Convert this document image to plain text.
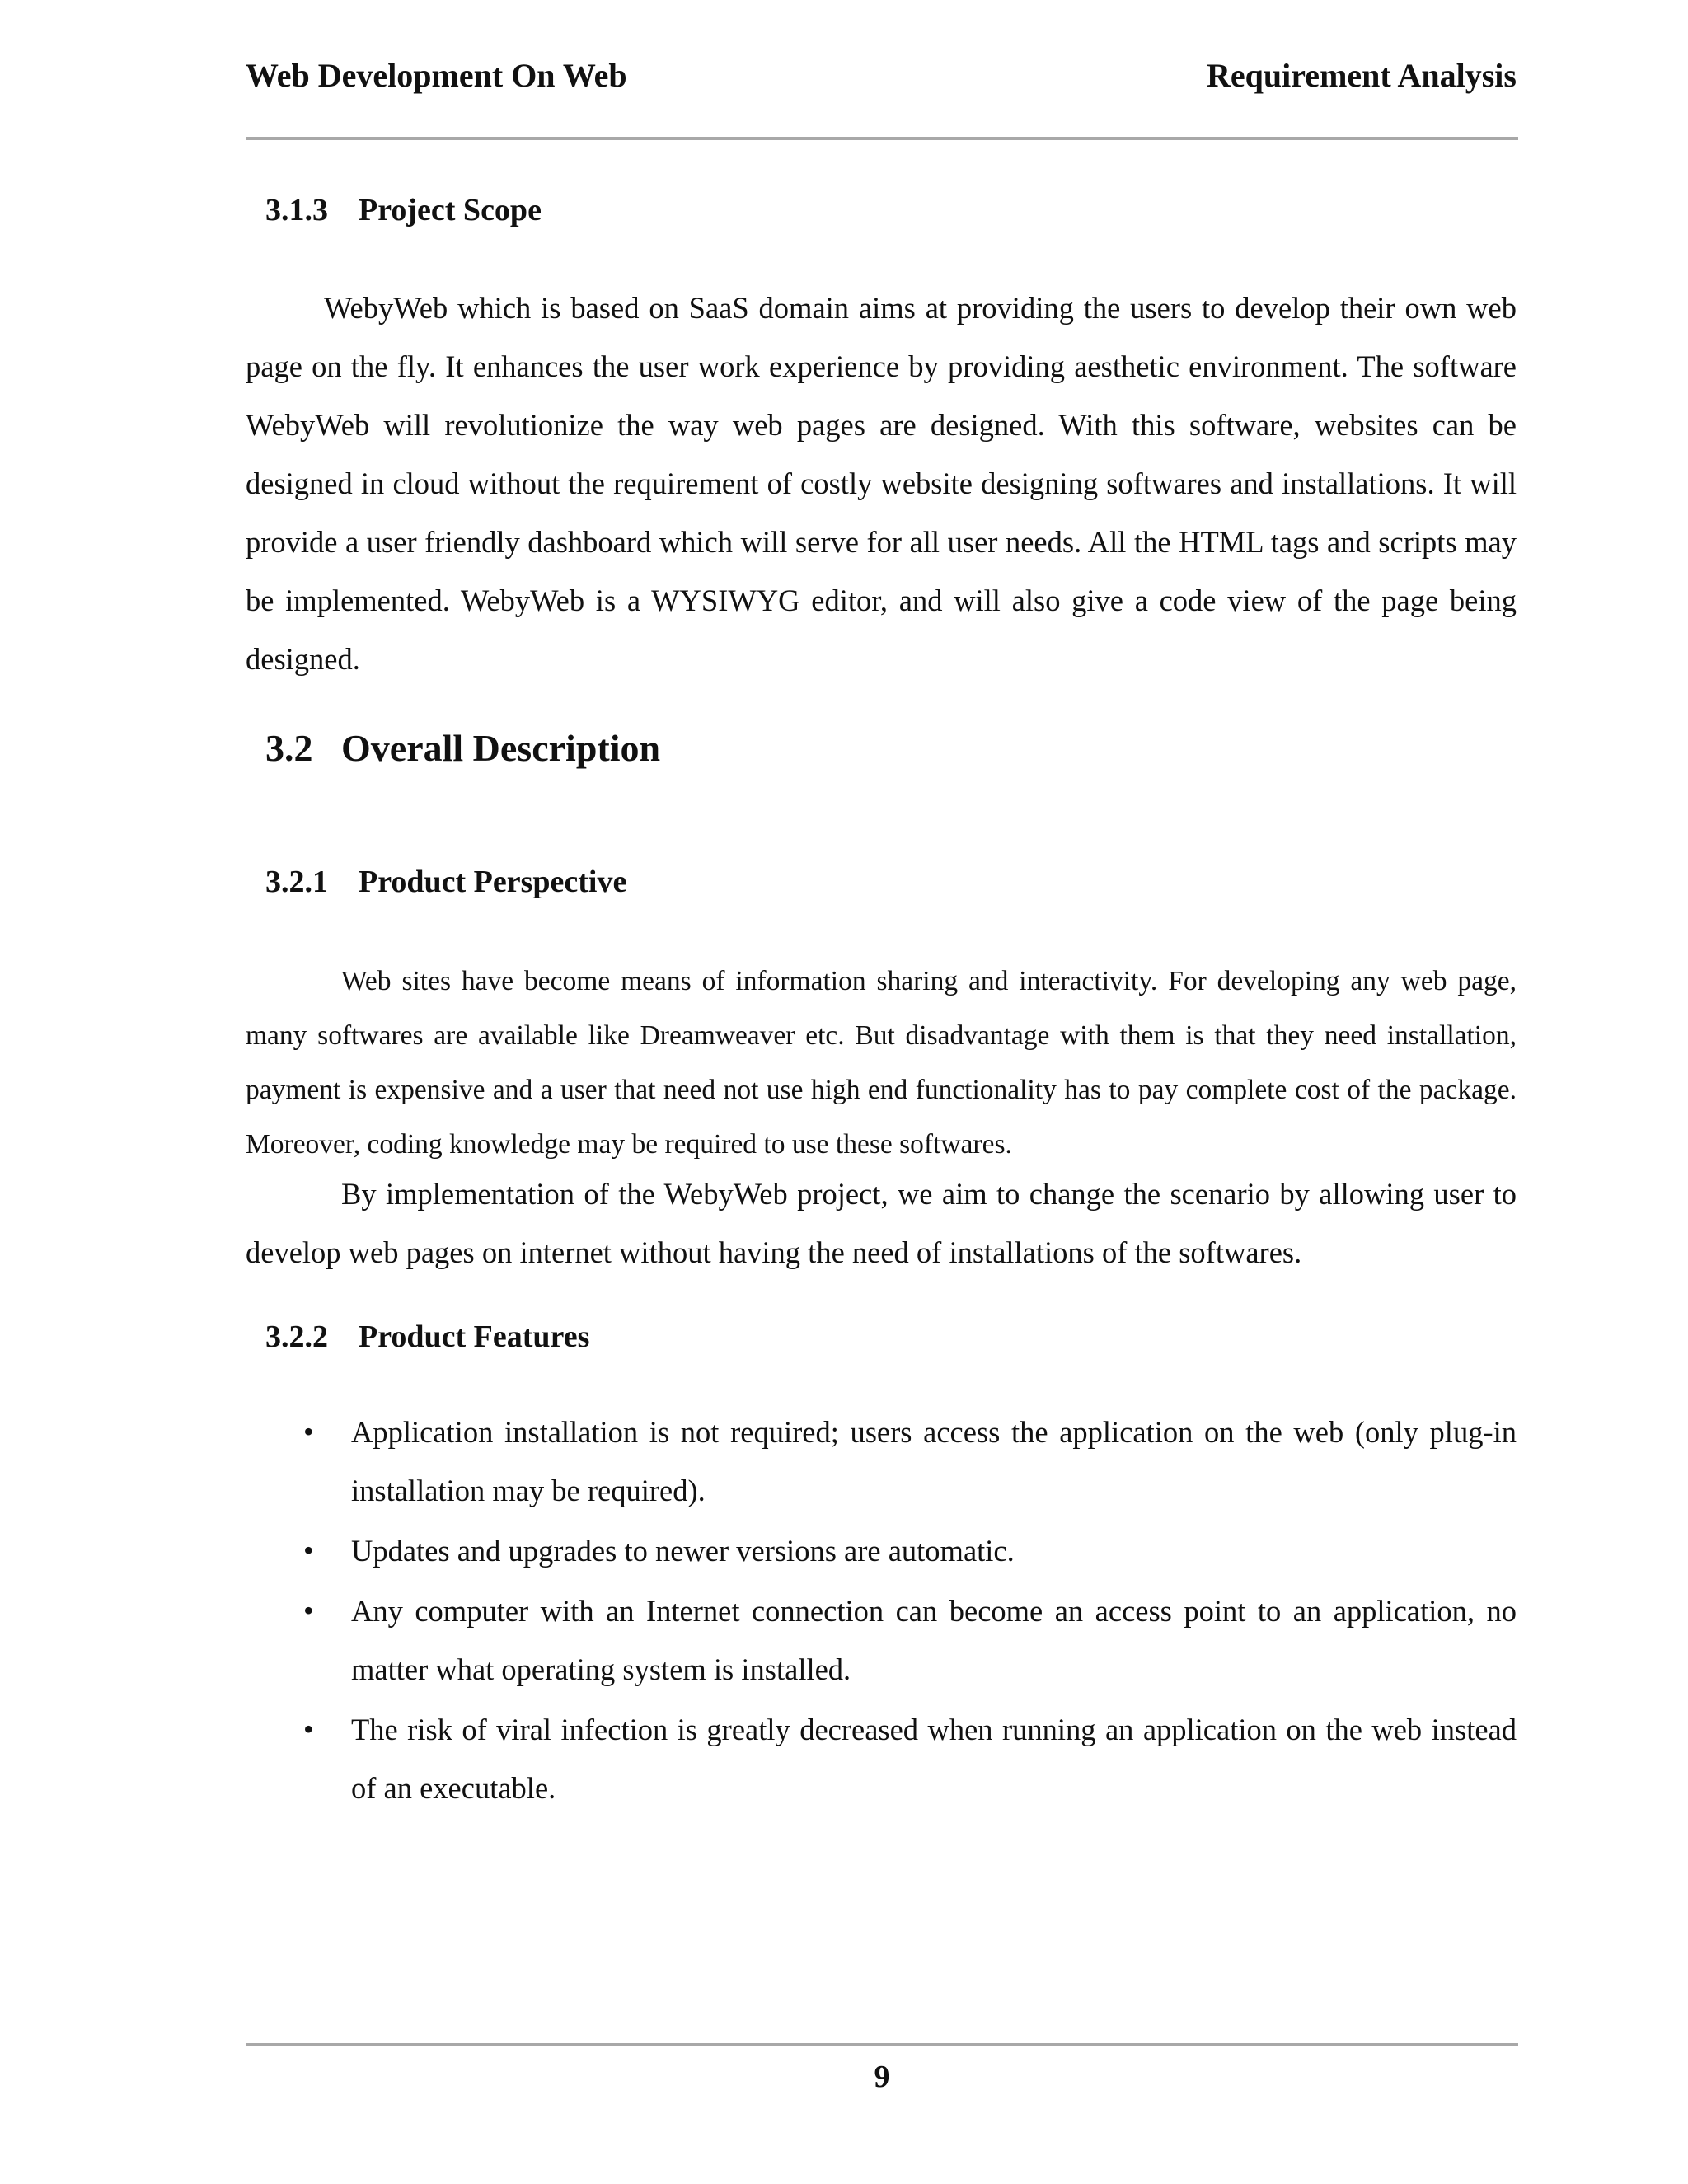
Web Development On Web	Requirement Analysis
3.1.3 Project Scope

WebyWeb which is based on SaaS domain aims at providing the users to develop their own web page on the fly. It enhances the user work experience by providing aesthetic environment. The software WebyWeb will revolutionize the way web pages are designed. With this software, websites can be designed in cloud without the requirement of costly website designing softwares and installations. It will provide a user friendly dashboard which will serve for all user needs. All the HTML tags and scripts may be implemented. WebyWeb is a WYSIWYG editor, and will also give a code view of the page being designed.

3.2 Overall Description
3.2.1 Product Perspective

Web sites have become means of information sharing and interactivity. For developing any web page, many softwares are available like Dreamweaver etc. But disadvantage with them is that they need installation, payment is expensive and a user that need not use high end functionality has to pay complete cost of the package. Moreover, coding knowledge may be required to use these softwares.

By implementation of the WebyWeb project, we aim to change the scenario by allowing user to develop web pages on internet without having the need of installations of the softwares.

3.2.2 Product Features
• Application installation is not required; users access the application on the web (only plug-in installation may be required).
• Updates and upgrades to newer versions are automatic.
• Any computer with an Internet connection can become an access point to an application, no matter what operating system is installed.
• The risk of viral infection is greatly decreased when running an application on the web instead of an executable.
9
